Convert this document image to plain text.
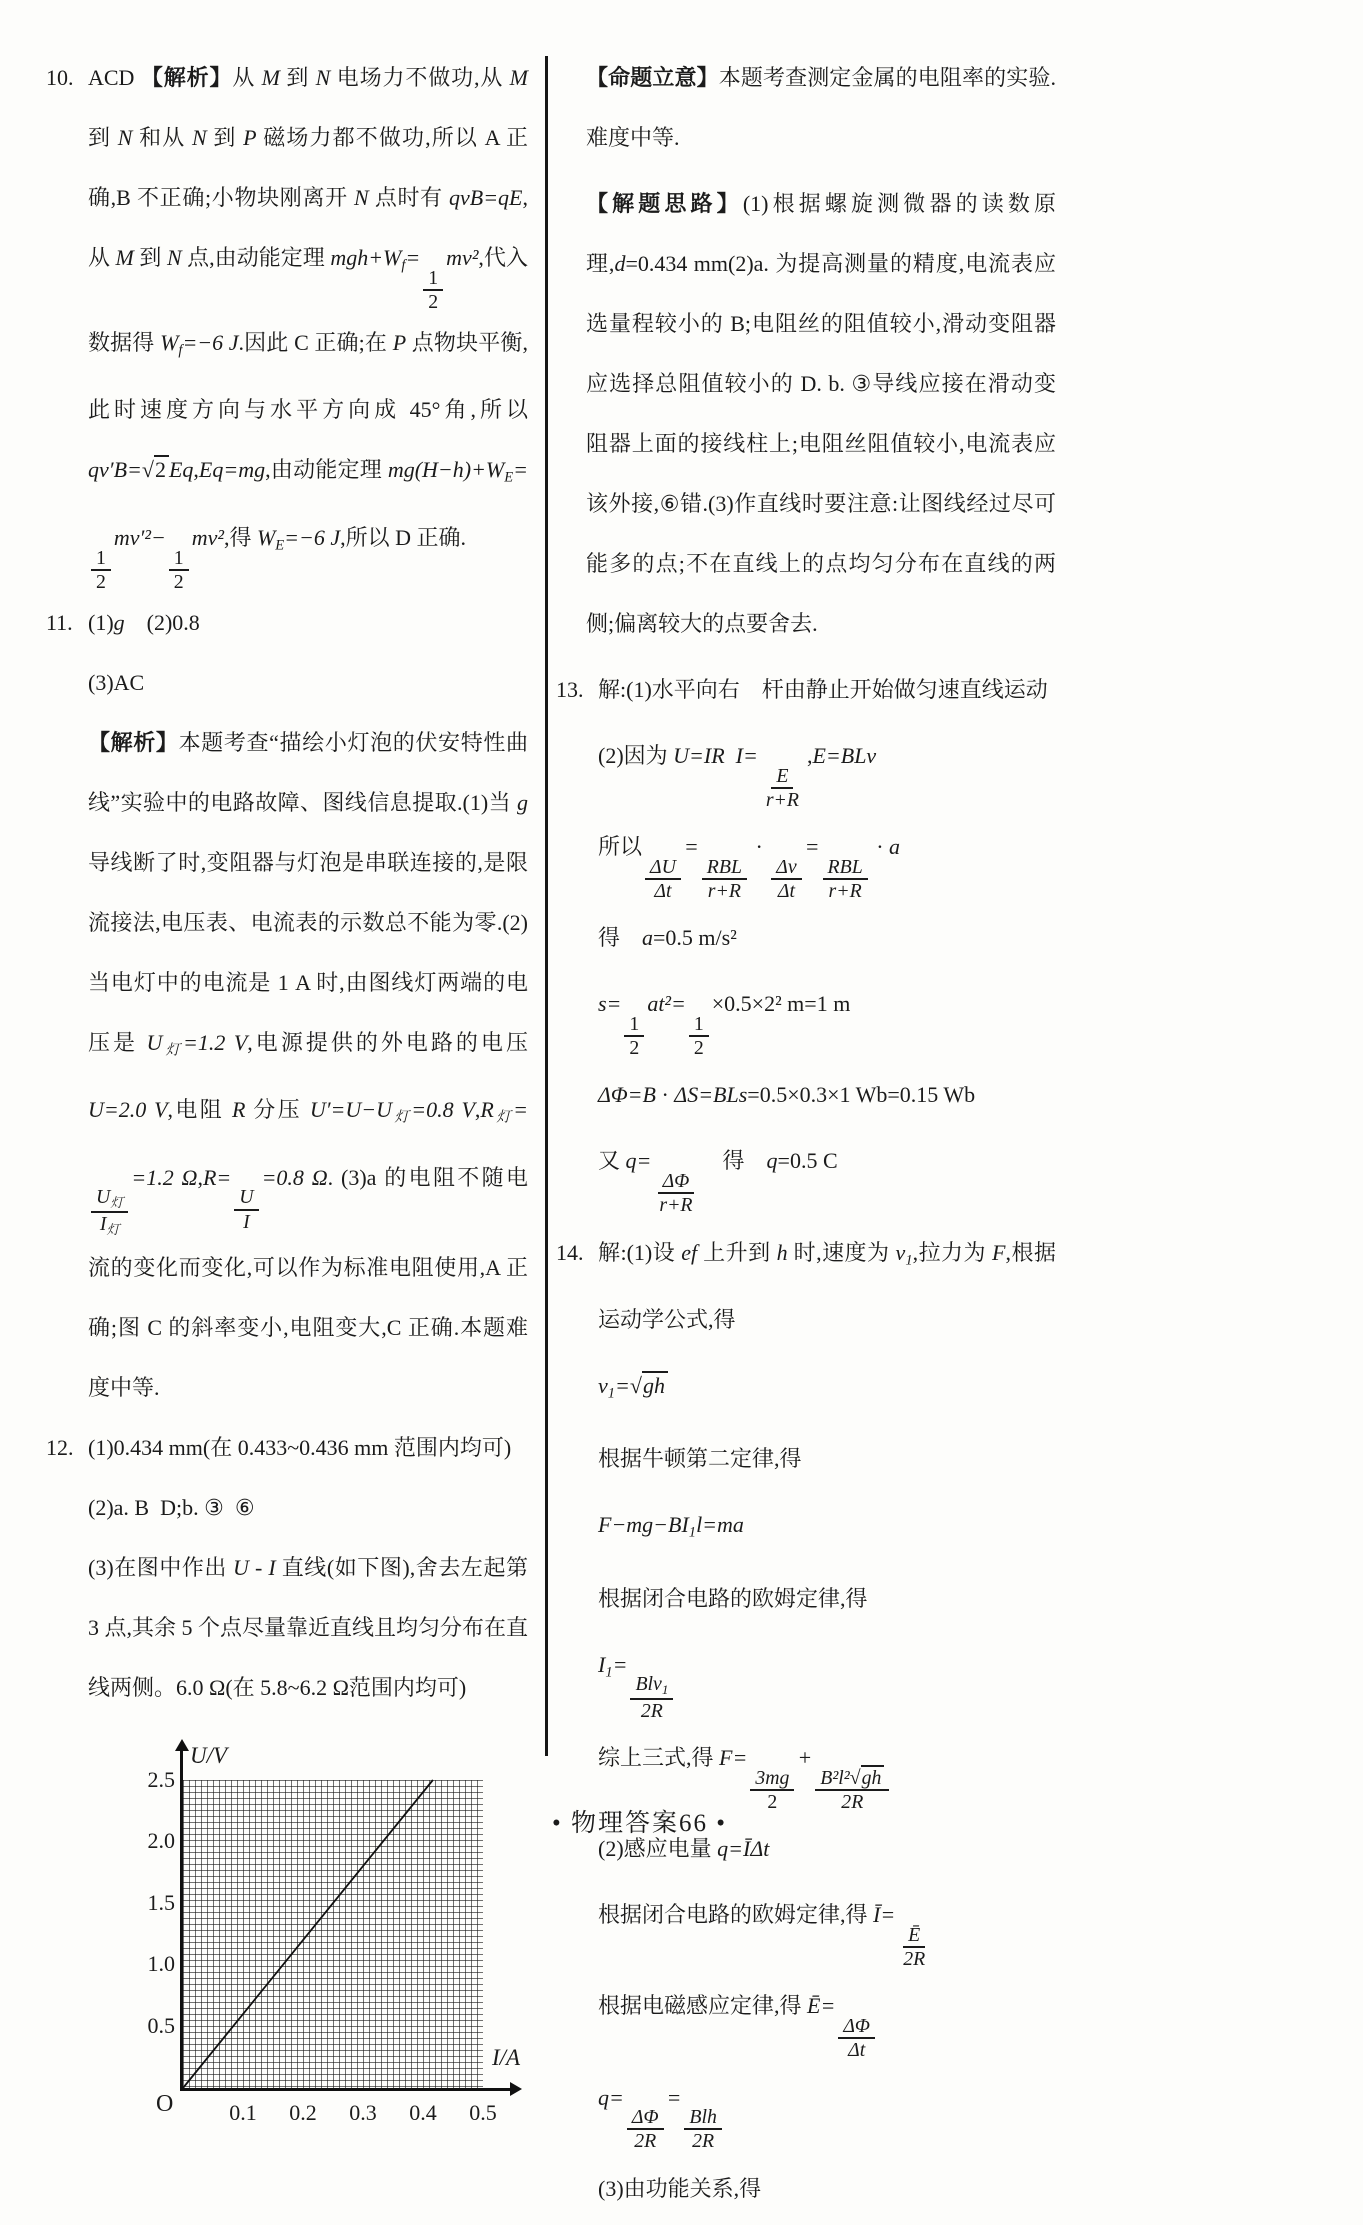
10. ACD 【解析】从 M 到 N 电场力不做功,从 M 到 N 和从 N 到 P 磁场力都不做功,所以 A 正确,B 不正确;小物块刚离开 N 点时有 qvB=qE,从 M 到 N 点,由动能定理 mgh+Wf=
$\frac{1}{2}$
mv²,代入数据得 Wf=−6 J.因此 C 正确;在 P 点物块平衡,此时速度方向与水平方向成 45°角,所以 qv′B=√2 Eq,Eq=mg,由动能定理 mg(H−h)+WE=
$\frac{1}{2}$
mv′²−
$\frac{1}{2}$
mv²,得 WE=−6 J,所以 D 正确.
11. (1)g (2)0.8
(3)AC
【解析】本题考查“描绘小灯泡的伏安特性曲线”实验中的电路故障、图线信息提取.(1)当 g 导线断了时,变阻器与灯泡是串联连接的,是限流接法,电压表、电流表的示数总不能为零.(2)当电灯中的电流是 1 A 时,由图线灯两端的电压是 U灯=1.2 V,电源提供的外电路的电压 U=2.0 V,电阻 R 分压 U′=U−U灯=0.8 V,R灯=
$\frac{\text{U灯}}{\text{I灯}}$
=1.2 Ω,R=
$\frac{U}{I}$
=0.8 Ω. (3)a 的电阻不随电流的变化而变化,可以作为标准电阻使用,A 正确;图 C 的斜率变小,电阻变大,C 正确.本题难度中等.
12. (1)0.434 mm(在 0.433~0.436 mm 范围内均可)
(2)a. B D;b. ③ ⑥
(3)在图中作出 U - I 直线(如下图),舍去左起第 3 点,其余 5 个点尽量靠近直线且均匀分布在直线两侧。6.0 Ω(在 5.8~6.2 Ω范围内均可)
U/V
I/A
O
0.5
1.0
1.5
2.0
2.5
0.1	0.2	0.3	0.4	0.5
【命题立意】本题考查测定金属的电阻率的实验. 难度中等.
【解题思路】(1)根据螺旋测微器的读数原理,d=0.434 mm(2)a. 为提高测量的精度,电流表应选量程较小的 B;电阻丝的阻值较小,滑动变阻器应选择总阻值较小的 D. b. ③导线应接在滑动变阻器上面的接线柱上;电阻丝阻值较小,电流表应该外接,⑥错.(3)作直线时要注意:让图线经过尽可能多的点;不在直线上的点均匀分布在直线的两侧;偏离较大的点要舍去.
13. 解:(1)水平向右 杆由静止开始做匀速直线运动
(2)因为 U=IR  I=
$\frac{E}{r+R}$
,E=BLv
所以
$\frac{\Delta U}{\Delta t}$
=
$\frac{\text{RBL}}{r+R}$
·
$\frac{\Delta v}{\Delta t}$
=
$\frac{\text{RBL}}{r+R}$
· a
得 a=0.5 m/s²
s=
$\frac{1}{2}$
at²=
$\frac{1}{2}$
×0.5×2² m=1 m
ΔΦ=B · ΔS=BLs=0.5×0.3×1 Wb=0.15 Wb
又 q=
$\frac{\Delta\Phi}{r+R}$
 得 q=0.5 C
14. 解:(1)设 ef 上升到 h 时,速度为 v1,拉力为 F,根据运动学公式,得
v1=√gh
根据牛顿第二定律,得
F−mg−BI1l=ma
根据闭合电路的欧姆定律,得
I1=
$\frac{\text{Blv1}}{2R}$
综上三式,得 F=
$\frac{3mg}{2}$
+
$\frac{\text{B²l²√gh}}{2R}$
(2)感应电量 q=ĪΔt
根据闭合电路的欧姆定律,得 Ī=
$\frac{Ē}{2R}$
根据电磁感应定律,得 Ē=
$\frac{\Delta\Phi}{\Delta t}$
q=
$\frac{\Delta\Phi}{2R}$
=
$\frac{\text{Blh}}{2R}$
(3)由功能关系,得
• 物理答案66 •
